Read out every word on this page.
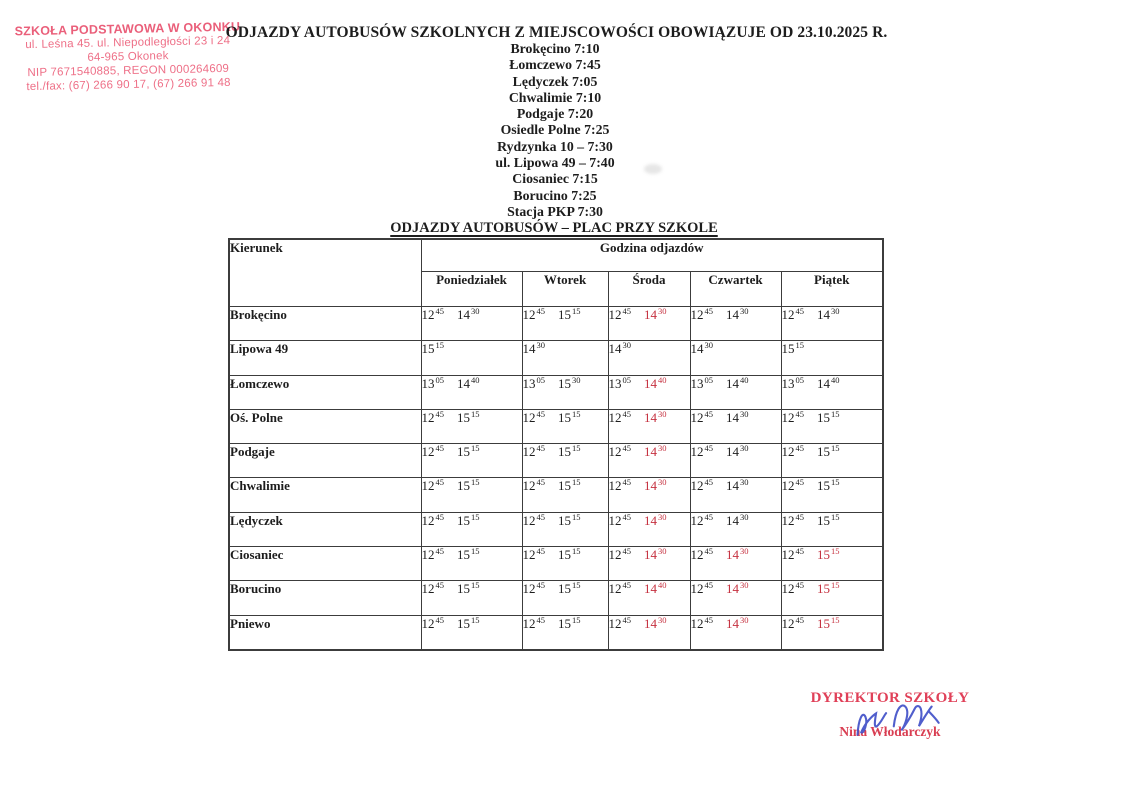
SZKOŁA PODSTAWOWA W OKONKU
ul. Leśna 45. ul. Niepodległości 23 i 24
64-965 Okonek
NIP 7671540885, REGON 000264609
tel./fax: (67) 266 90 17, (67) 266 91 48
ODJAZDY AUTOBUSÓW SZKOLNYCH Z MIEJSCOWOŚCI OBOWIĄZUJE OD 23.10.2025 R.
Brokęcino 7:10
Łomczewo 7:45
Lędyczek 7:05
Chwalimie 7:10
Podgaje 7:20
Osiedle Polne 7:25
Rydzynka 10 – 7:30
ul. Lipowa 49 – 7:40
Ciosaniec 7:15
Borucino 7:25
Stacja PKP 7:30
ODJAZDY AUTOBUSÓW – PLAC PRZY SZKOLE
Kierunek	Godzina odjazdów				
	Poniedziałek	Wtorek	Środa	Czwartek	Piątek
Brokęcino	$12^{45}$ $14^{30}$	$12^{45}$ $15^{15}$	$12^{45}$ $14^{30}$	$12^{45}$ $14^{30}$	$12^{45}$ $14^{30}$
Lipowa 49	$15^{15}$	$14^{30}$	$14^{30}$	$14^{30}$	$15^{15}$
Łomczewo	$13^{05}$ $14^{40}$	$13^{05}$ $15^{30}$	$13^{05}$ $14^{40}$	$13^{05}$ $14^{40}$	$13^{05}$ $14^{40}$
Oś. Polne	$12^{45}$ $15^{15}$	$12^{45}$ $15^{15}$	$12^{45}$ $14^{30}$	$12^{45}$ $14^{30}$	$12^{45}$ $15^{15}$
Podgaje	$12^{45}$ $15^{15}$	$12^{45}$ $15^{15}$	$12^{45}$ $14^{30}$	$12^{45}$ $14^{30}$	$12^{45}$ $15^{15}$
Chwalimie	$12^{45}$ $15^{15}$	$12^{45}$ $15^{15}$	$12^{45}$ $14^{30}$	$12^{45}$ $14^{30}$	$12^{45}$ $15^{15}$
Lędyczek	$12^{45}$ $15^{15}$	$12^{45}$ $15^{15}$	$12^{45}$ $14^{30}$	$12^{45}$ $14^{30}$	$12^{45}$ $15^{15}$
Ciosaniec	$12^{45}$ $15^{15}$	$12^{45}$ $15^{15}$	$12^{45}$ $14^{30}$	$12^{45}$ $14^{30}$	$12^{45}$ $15^{15}$
Borucino	$12^{45}$ $15^{15}$	$12^{45}$ $15^{15}$	$12^{45}$ $14^{40}$	$12^{45}$ $14^{30}$	$12^{45}$ $15^{15}$
Pniewo	$12^{45}$ $15^{15}$	$12^{45}$ $15^{15}$	$12^{45}$ $14^{30}$	$12^{45}$ $14^{30}$	$12^{45}$ $15^{15}$
DYREKTOR SZKOŁY
Nina Włodarczyk
